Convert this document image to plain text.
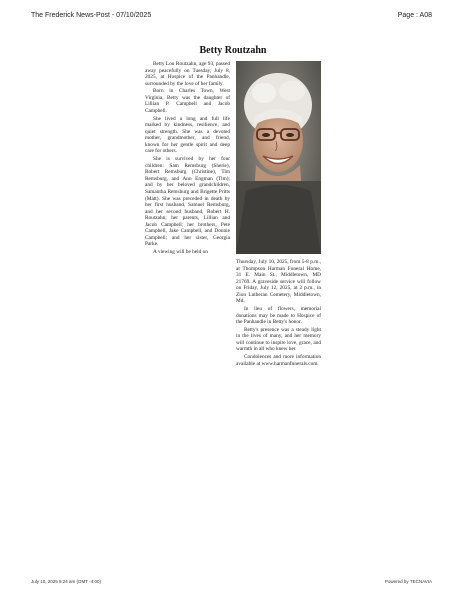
The Frederick News-Post - 07/10/2025	Page : A08
Betty Routzahn

Betty Lou Routzahn, age 93, passed away peacefully on Tuesday, July 8, 2025, at Hospice of the Panhandle, surrounded by the love of her family.

Born in Charles Town, West Virginia, Betty was the daughter of Lillian P. Campbell and Jacob Campbell.

She lived a long and full life marked by kindness, resilience, and quiet strength. She was a devoted mother, grandmother, and friend, known for her gentle spirit and deep care for others.

She is survived by her four children: Sam Remsburg (Sherie), Robert Remsburg (Christine), Tim Remsburg, and Ann Engman (Tim); and by her beloved grandchildren, Samantha Remsburg and Brigette Pritts (Matt). She was preceded in death by her first husband, Samuel Remsburg, and her second husband, Robert H. Routzahn; her parents, Lillian and Jacob Campbell; her brothers, Pete Campbell, Jake Campbell, and Donnie Campbell; and her sister, Georgia Parke.

A viewing will be held on

Thursday, July 10, 2025, from 5-8 p.m., at Thompson Harman Funeral Home, 31 E. Main St., Middletown, MD 21769. A graveside service will follow on Friday, July 12, 2025, at 2 p.m., in Zion Lutheran Cemetery, Middletown, Md.

In lieu of flowers, memorial donations may be made to Hospice of the Panhandle in Betty's honor.

Betty's presence was a steady light in the lives of many, and her memory will continue to inspire love, grace, and warmth in all who knew her.

Condolences and more information available at www.harmanfunerals.com.

July 10, 2025 9:24 am (GMT -4:00)	Powered by TECNAVIA
